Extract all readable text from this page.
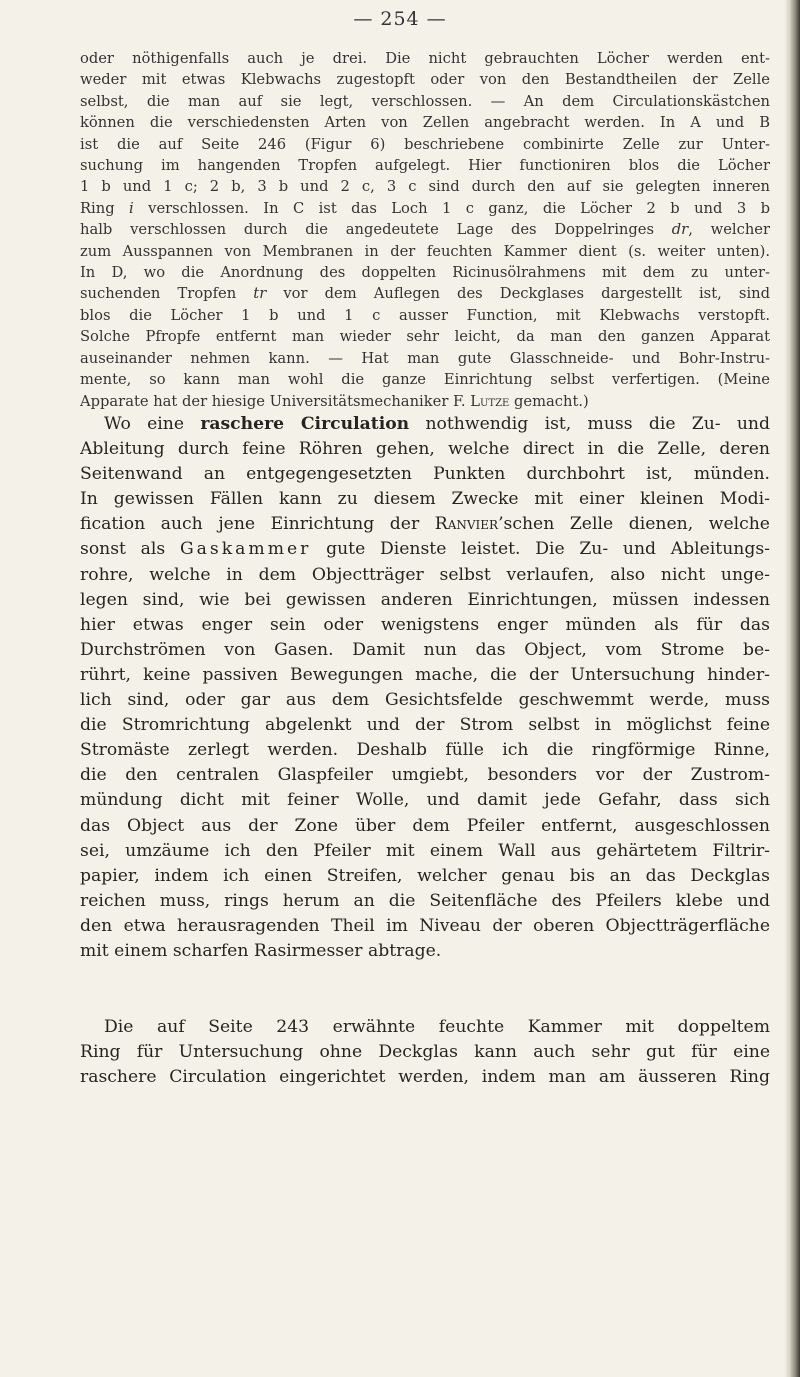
— 254 —
oder nöthigenfalls auch je drei. Die nicht gebrauchten Löcher werden ent-
weder mit etwas Klebwachs zugestopft oder von den Bestandtheilen der Zelle
selbst, die man auf sie legt, verschlossen. — An dem Circulationskästchen
können die verschiedensten Arten von Zellen angebracht werden. In A und B
ist die auf Seite 246 (Figur 6) beschriebene combinirte Zelle zur Unter-
suchung im hangenden Tropfen aufgelegt. Hier functioniren blos die Löcher
1 b und 1 c; 2 b, 3 b und 2 c, 3 c sind durch den auf sie gelegten inneren
Ring i verschlossen. In C ist das Loch 1 c ganz, die Löcher 2 b und 3 b
halb verschlossen durch die angedeutete Lage des Doppelringes dr, welcher
zum Ausspannen von Membranen in der feuchten Kammer dient (s. weiter unten).
In D, wo die Anordnung des doppelten Ricinusölrahmens mit dem zu unter-
suchenden Tropfen tr vor dem Auflegen des Deckglases dargestellt ist, sind
blos die Löcher 1 b und 1 c ausser Function, mit Klebwachs verstopft.
Solche Pfropfe entfernt man wieder sehr leicht, da man den ganzen Apparat
auseinander nehmen kann. — Hat man gute Glasschneide- und Bohr-Instru-
mente, so kann man wohl die ganze Einrichtung selbst verfertigen. (Meine
Apparate hat der hiesige Universitätsmechaniker F. Lutze gemacht.)
Wo eine raschere Circulation nothwendig ist, muss die Zu- und
Ableitung durch feine Röhren gehen, welche direct in die Zelle, deren
Seitenwand an entgegengesetzten Punkten durchbohrt ist, münden.
In gewissen Fällen kann zu diesem Zwecke mit einer kleinen Modi-
fication auch jene Einrichtung der Ranvier’schen Zelle dienen, welche
sonst als Gaskammer gute Dienste leistet. Die Zu- und Ableitungs-
rohre, welche in dem Objectträger selbst verlaufen, also nicht unge-
legen sind, wie bei gewissen anderen Einrichtungen, müssen indessen
hier etwas enger sein oder wenigstens enger münden als für das
Durchströmen von Gasen. Damit nun das Object, vom Strome be-
rührt, keine passiven Bewegungen mache, die der Untersuchung hinder-
lich sind, oder gar aus dem Gesichtsfelde geschwemmt werde, muss
die Stromrichtung abgelenkt und der Strom selbst in möglichst feine
Stromäste zerlegt werden. Deshalb fülle ich die ringförmige Rinne,
die den centralen Glaspfeiler umgiebt, besonders vor der Zustrom-
mündung dicht mit feiner Wolle, und damit jede Gefahr, dass sich
das Object aus der Zone über dem Pfeiler entfernt, ausgeschlossen
sei, umzäume ich den Pfeiler mit einem Wall aus gehärtetem Filtrir-
papier, indem ich einen Streifen, welcher genau bis an das Deckglas
reichen muss, rings herum an die Seitenfläche des Pfeilers klebe und
den etwa herausragenden Theil im Niveau der oberen Objectträgerfläche
mit einem scharfen Rasirmesser abtrage.
Die auf Seite 243 erwähnte feuchte Kammer mit doppeltem
Ring für Untersuchung ohne Deckglas kann auch sehr gut für eine
raschere Circulation eingerichtet werden, indem man am äusseren Ring
